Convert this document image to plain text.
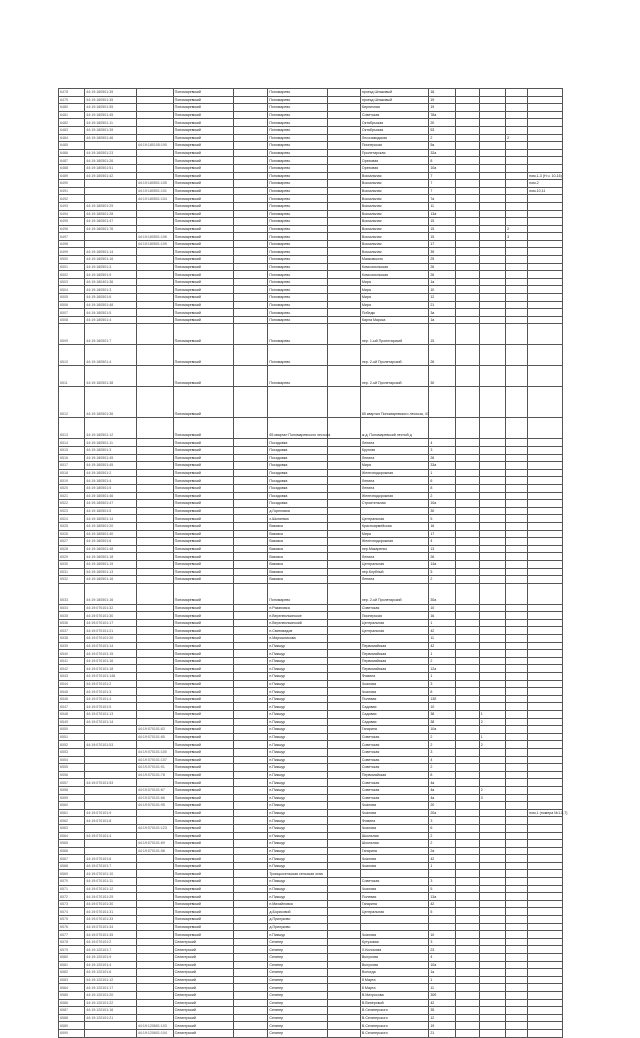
6478	44:19:180501:39		Пономаревский		Пономарево		проезд Шлаковый	18				
6479	44:19:180501:35		Пономаревский		Пономарево		проезд Шлаковый	19				
6480	44:19:180501:55		Пономаревский		Пономарево		Кирпичная	19				
6481	44:19:180501:45		Пономаревский		Пономарево		Советская	78а				
6482	44:19:180501:11		Пономаревский		Пономарево		Октябрьская	20				
6483	44:19:180501:39		Пономаревский		Пономарево		Октябрьская	53				
6484	44:19:180501:46		Пономаревский		Пономарево		Лесозаводская	2			2	
6485		44:19:180105:190	Пономаревский		Пономарево		Пионерская	5а				
6486	44:19:180501:23		Пономаревский		Пономарево		Пролетарская	32а				
6487	44:19:180501:26		Пономаревский		Пономарево		Ореховая	8				
6488	44:19:180501:51		Пономаревский		Пономарево		Ореховая	10а				
6489	44:19:180501:42		Пономаревский		Пономарево		Вокзальная	7				пом.1-3 (Н.ч. 10-16)
6490		44:19:180501:105	Пономаревский		Пономарево		Вокзальная	7				пом.2
6491		44:19:180501:101	Пономаревский		Пономарево		Вокзальная	7				пом.10,11
6492		44:19:180501:104	Пономаревский		Пономарево		Вокзальная	7а				
6493	44:19:180501:29		Пономаревский		Пономарево		Вокзальная	11				
6494	44:19:180501:28		Пономаревский		Пономарево		Вокзальная	13а				
6495	44:19:180501:47		Пономаревский		Пономарево		Вокзальная	15				
6496	44:19:180501:76		Пономаревский		Пономарево		Вокзальная	15			2	
6497		44:19:180501:106	Пономаревский		Пономарево		Вокзальная	15			3	
6498		44:19:180501:109	Пономаревский		Пономарево		Вокзальная	17				
6499	44:19:180501:14		Пономаревский		Пономарево		Вокзальная	39				
6500	44:19:180501:16		Пономаревский		Пономарево		Маяковского	25				
6501	44:19:180501:3		Пономаревский		Пономарево		Комсомольская	26				
6502	44:19:180501:9		Пономаревский		Пономарево		Комсомольская	26				
6503	44:19:180401:36		Пономаревский		Пономарево		Мира	1а				
6504	44:19:180501:3		Пономаревский		Пономарево		Мира	10				
6505	44:19:180501:6		Пономаревский		Пономарево		Мира	12				
6506	44:19:180501:48		Пономаревский		Пономарево		Мира	21				
6507	44:19:180501:5		Пономаревский		Пономарево		Победы	3а				
6508	44:19:180501:4		Пономаревский		Пономарево		Карла Маркса	1а				
6509	44:19:180501:7		Пономаревский		Пономарево		пер. 1-ый Пролетарский	15				
6510	44:19:180501:4		Пономаревский		Пономарево		пер. 2-ой Пролетарский	26				
6511	44:19:180501:38		Пономаревский		Пономарево		пер. 2-ой Пролетарский	30				
6512	44:19:180501:36		Пономаревский				65 квартал Пономаревского лесхоза, 47					
6513	44:19:180501:12		Пономаревский		65 квартал Пономаревского лесхоза		ж.д. Пономаревский лесной д					
6514	44:19:180501:11		Пономаревский		Посадовка		Ленина	4				
6515	44:19:180501:3		Пономаревский		Посадовка		Круглая	3				
6516	44:19:180501:45		Пономаревский		Посадовка		Ленина	26				
6517	44:19:180501:45		Пономаревский		Посадовка		Мира	33а				
6518	44:19:180501:2		Пономаревский		Посадовка		Железнодорожная	1				
6519	44:19:180501:4		Пономаревский		Посадовка		Ленина	6				
6520	44:19:180501:5		Пономаревский		Посадовка		Ленина	8				
6521	44:19:180501:46		Пономаревский		Посадовка		Железнодорожная	2				
6522	44:19:180501:47		Пономаревский		Посадовка		Строительная	10а				
6523	44:19:180501:5		Пономаревский		д.Гореловка			30				
6524	44:19:180501:14		Пономаревский		с.Шкляевка		Центральная	5				
6525	44:19:180501:20		Пономаревский		Вязовка		Красноармейская	16				
6526	44:19:180501:40		Пономаревский		Вязовка		Мира	17				
6527	44:19:180501:6		Пономаревский		Вязовка		Железнодорожная	4				
6528	44:19:180501:48		Пономаревский		Вязовка		пер.Макаренко	13				
6529	44:19:180501:18		Пономаревский		Вязовка		Ленина	26				
6530	44:19:180501:19		Пономаревский		Вязовка		Центральная	14а				
6531	44:19:180501:13		Пономаревский		Вязовка		пер.Клубный	5				
6532	44:19:180501:16		Пономаревский		Вязовка		Ленина	2				
6533	44:19:180501:16		Пономаревский		Пономарево		пер. 2-ой Пролетарский	30а				
6534	44:19:070101:32		Пономаревский		п.Рязановка		Советская	10				
6535	44:19:070101:30		Пономаревский		п.Верхнеильинское		Пионерская	16				
6536	44:19:070101:17		Пономаревский		п.Верхнеильинский		Центральная	1				
6537	44:19:070101:21		Пономаревский		п.Святовидов		Центральная	42				
6538	44:19:070101:20		Пономаревский		п.Мирошникова			11				
6539	44:19:070101:14		Пономаревский		п.Пикшур		Первомайская	42				
6540	44:19:070101:15		Пономаревский		п.Пикшур		Первомайская	1				
6541	44:19:070101:16		Пономаревский		п.Пикшур		Первомайская	2				
6542	44:19:070101:18		Пономаревский		п.Пикшур		Первомайская	12а				
6543	44:19:070101:148		Пономаревский		п.Пикшур		Фомина	1				
6544	44:19:070101:2		Пономаревский		п.Пикшур		Чкалова	3				
6545	44:19:070101:3		Пономаревский		п.Пикшур		Чкалова	8				
6546	44:19:070101:4		Пономаревский		п.Пикшур		Полевая	13б				
6547	44:19:070101:5		Пономаревский		п.Пикшур		Садовая	10				
6548	44:19:070101:13		Пономаревский		п.Пикшур		Садовая	38		1		
6549	44:19:070101:14		Пономаревский		п.Пикшур		Садовая	38		2		
6550		44:19:070101:63	Пономаревский		п.Пикшур		Гагарина	10а				
6551		44:19:070101:65	Пономаревский		п.Пикшур		Советская	2		1		
6552	44:19:070101:53		Пономаревский		п.Пикшур		Советская	2		2		
6553		44:19:070101:100	Пономаревский		п.Пикшур		Советская	3				
6554		44:19:070101:107	Пономаревский		п.Пикшур		Советская	4				
6555		44:19:070101:91	Пономаревский		п.Пикшур		Советская	2				
6556		44:19:070101:78	Пономаревский		п.Пикшур		Первомайская	8				
6557	44:19:070101:53		Пономаревский		п.Пикшур		Советская	4а				
6558		44:19:070101:67	Пономаревский		п.Пикшур		Советская	4а		2		
6559		44:19:070101:66	Пономаревский		п.Пикшур		Советская	4а		3		
6560		44:19:070101:95	Пономаревский		п.Пикшур		Чкалова	20				
6561	44:19:070101:9		Пономаревский		п.Пикшур		Чкалова	20а				пом.1 (номера №1-5,7)
6562	44:19:070101:8		Пономаревский		п.Пикшур		Фомина	3				
6563		44:19:070101:123	Пономаревский		п.Пикшур		Чкалова	6				
6564	44:19:070101:4		Пономаревский		п.Пикшур		Школьная	2				
6565		44:19:070101:69	Пономаревский		п.Пикшур		Школьная	2				
6566		44:19:070101:58	Пономаревский		п.Пикшур		Гагарина	2а				
6567	44:19:070101:6		Пономаревский		п.Пикшур		Чкалова	42				
6568	44:19:070101:7		Пономаревский		п.Пикшур		Чкалова	1				
6569	44:19:070101:10		Пономаревский		Троицкосельская сельская зона							
6570	44:19:070101:11		Пономаревский		п.Пикшур		Советская	3				
6571	44:19:070101:12		Пономаревский		п.Пикшур		Чкалова	5				
6572	44:19:070101:29		Пономаревский		п.Пикшур		Полевая	13а				
6573	44:19:070101:30		Пономаревский		п.Михайловка		Гагарина	42				
6574	44:19:070101:31		Пономаревский		д.Борисовой		Центральная	5				
6575	44:19:070101:33		Пономаревский		д.Прилуково							
6576	44:19:070101:34		Пономаревский		д.Прилуково							
6577	44:19:070101:35		Пономаревский		п.Пикшур		Чкалова	10				
6578	44:19:070101:2		Селигерский		Селигер		Кутузовая	3				
6579	44:19:120101:7		Селигерский		Селигер		Х.Колосова	23				
6580	44:19:120101:9		Селигерский		Селигер		Выгулова	4				
6581	44:19:120101:4		Селигерский		Селигер		Выгулова	10а				
6582	44:19:120101:6		Селигерский		Селигер		Вологда	1а				
6583	44:19:120101:12		Селигерский		Селигер		8 Марта	1				
6584	44:19:120101:17		Селигерский		Селигер		8 Марта	11				
6585	44:19:120101:20		Селигерский		Селигер		В.Матросова	30б				
6586	44:19:120101:22		Селигерский		Селигер		В.Винеровой	42				
6587	44:19:120101:16		Селигерский		Селигер		В.Селигерского	35				
6588	44:19:120101:21		Селигерский		Селигер		В.Селигерского	12				
6589		44:19:120601:103	Селигерский		Селигер		В.Селигерского	19				
6590		44:19:120601:104	Селигерский		Селигер		В.Селигерского	21				
